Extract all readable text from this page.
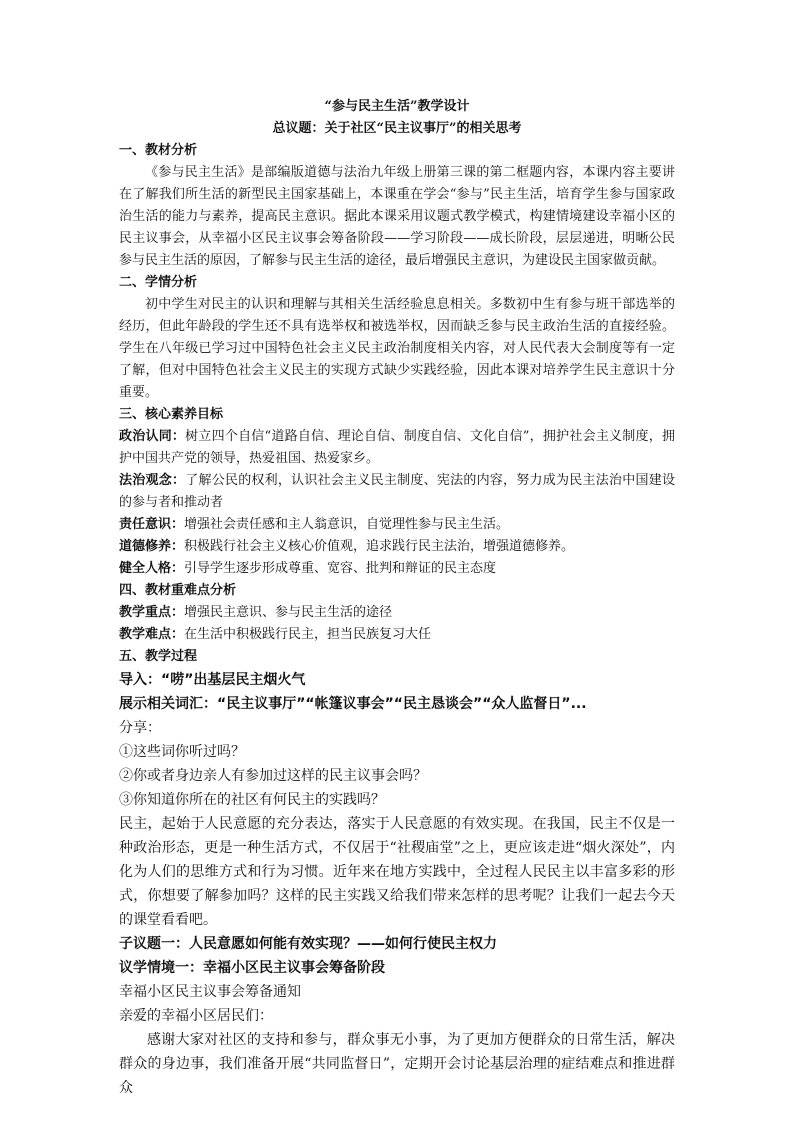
“参与民主生活”教学设计
总议题：关于社区“民主议事厅”的相关思考
一、教材分析

《参与民主生活》是部编版道德与法治九年级上册第三课的第二框题内容，本课内容主要讲在了解我们所生活的新型民主国家基础上，本课重在学会“参与”民主生活，培育学生参与国家政治生活的能力与素养，提高民主意识。据此本课采用议题式教学模式，构建情境建设幸福小区的民主议事会，从幸福小区民主议事会筹备阶段——学习阶段——成长阶段，层层递进，明晰公民参与民主生活的原因，了解参与民主生活的途径，最后增强民主意识，为建设民主国家做贡献。

二、学情分析

初中学生对民主的认识和理解与其相关生活经验息息相关。多数初中生有参与班干部选举的经历，但此年龄段的学生还不具有选举权和被选举权，因而缺乏参与民主政治生活的直接经验。学生在八年级已学习过中国特色社会主义民主政治制度相关内容，对人民代表大会制度等有一定了解，但对中国特色社会主义民主的实现方式缺少实践经验，因此本课对培养学生民主意识十分重要。

三、核心素养目标

政治认同：树立四个自信“道路自信、理论自信、制度自信、文化自信”，拥护社会主义制度，拥护中国共产党的领导，热爱祖国、热爱家乡。

法治观念：了解公民的权利，认识社会主义民主制度、宪法的内容，努力成为民主法治中国建设的参与者和推动者

责任意识：增强社会责任感和主人翁意识，自觉理性参与民主生活。

道德修养：积极践行社会主义核心价值观，追求践行民主法治，增强道德修养。

健全人格：引导学生逐步形成尊重、宽容、批判和辩证的民主态度

四、教材重难点分析

教学重点：增强民主意识、参与民主生活的途径

教学难点：在生活中积极践行民主，担当民族复习大任

五、教学过程
导入：“唠”出基层民主烟火气
展示相关词汇：“民主议事厅”“帐篷议事会”“民主恳谈会”“众人监督日”...
分享：
①这些词你听过吗？
②你或者身边亲人有参加过这样的民主议事会吗？
③你知道你所在的社区有何民主的实践吗？

民主，起始于人民意愿的充分表达，落实于人民意愿的有效实现。在我国，民主不仅是一种政治形态，更是一种生活方式，不仅居于“社稷庙堂”之上，更应该走进“烟火深处”，内化为人们的思维方式和行为习惯。近年来在地方实践中，全过程人民民主以丰富多彩的形式，你想要了解参加吗？这样的民主实践又给我们带来怎样的思考呢？让我们一起去今天的课堂看看吧。

子议题一：人民意愿如何能有效实现？——如何行使民主权力
议学情境一：幸福小区民主议事会筹备阶段
幸福小区民主议事会筹备通知
亲爱的幸福小区居民们：

感谢大家对社区的支持和参与，群众事无小事，为了更加方便群众的日常生活，解决群众的身边事，我们准备开展“共同监督日”，定期开会讨论基层治理的症结难点和推进群众
